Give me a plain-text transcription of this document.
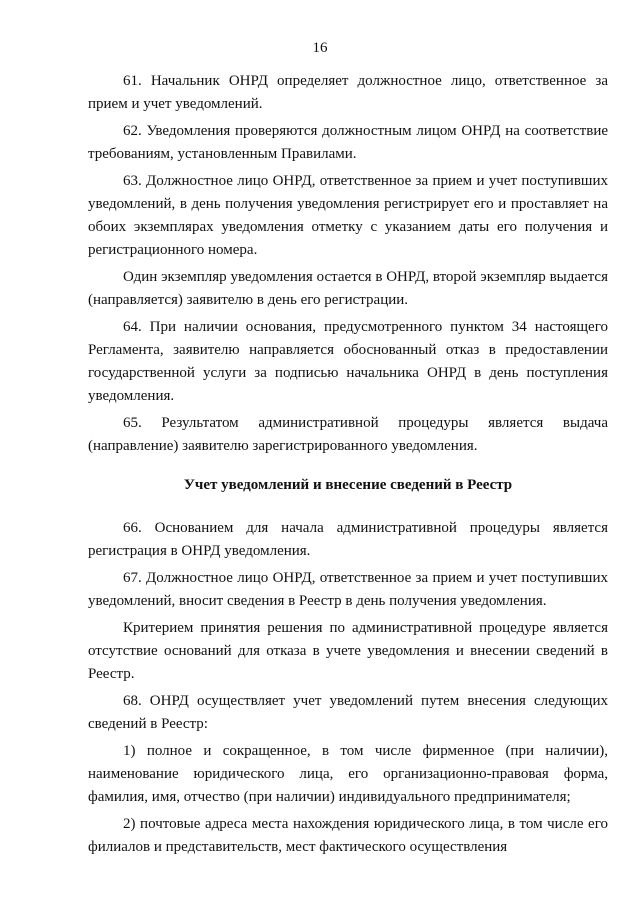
16

61. Начальник ОНРД определяет должностное лицо, ответственное за прием и учет уведомлений.

62. Уведомления проверяются должностным лицом ОНРД на соответствие требованиям, установленным Правилами.

63. Должностное лицо ОНРД, ответственное за прием и учет поступивших уведомлений, в день получения уведомления регистрирует его и проставляет на обоих экземплярах уведомления отметку с указанием даты его получения и регистрационного номера.

Один экземпляр уведомления остается в ОНРД, второй экземпляр выдается (направляется) заявителю в день его регистрации.

64. При наличии основания, предусмотренного пунктом 34 настоящего Регламента, заявителю направляется обоснованный отказ в предоставлении государственной услуги за подписью начальника ОНРД в день поступления уведомления.

65. Результатом административной процедуры является выдача (направление) заявителю зарегистрированного уведомления.

Учет уведомлений и внесение сведений в Реестр

66. Основанием для начала административной процедуры является регистрация в ОНРД уведомления.

67. Должностное лицо ОНРД, ответственное за прием и учет поступивших уведомлений, вносит сведения в Реестр в день получения уведомления.

Критерием принятия решения по административной процедуре является отсутствие оснований для отказа в учете уведомления и внесении сведений в Реестр.

68. ОНРД осуществляет учет уведомлений путем внесения следующих сведений в Реестр:

1) полное и сокращенное, в том числе фирменное (при наличии), наименование юридического лица, его организационно-правовая форма, фамилия, имя, отчество (при наличии) индивидуального предпринимателя;

2) почтовые адреса места нахождения юридического лица, в том числе его филиалов и представительств, мест фактического осуществления
